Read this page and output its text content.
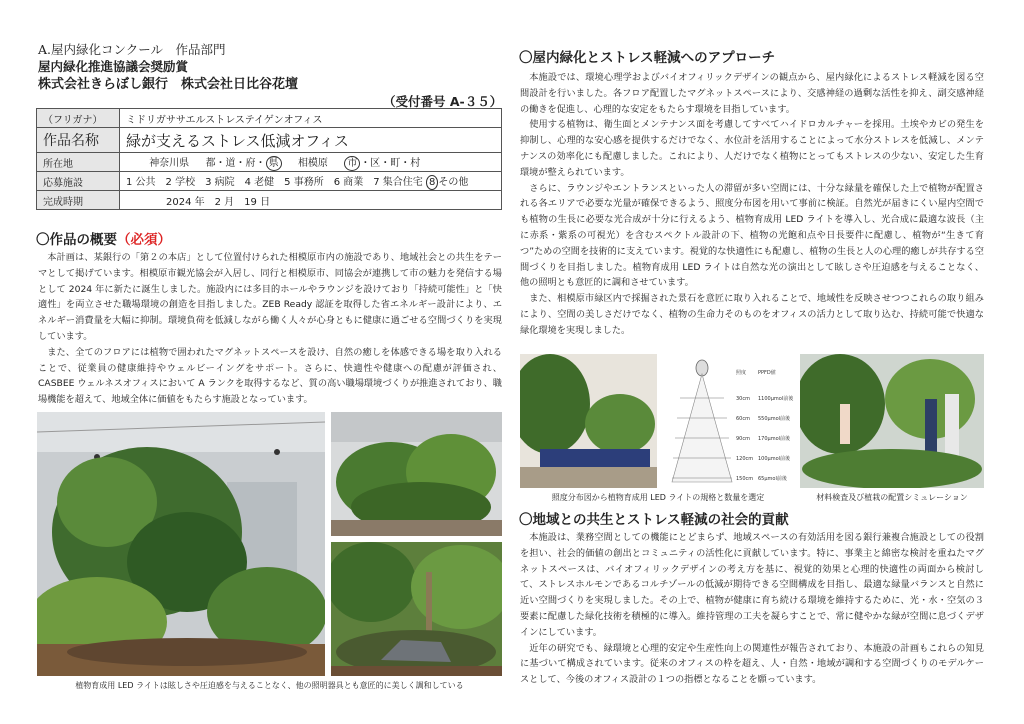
A.屋内緑化コンクール　作品部門
屋内緑化推進協議会奨励賞
株式会社きらぼし銀行　株式会社日比谷花壇
（受付番号 A-３５）
（フリガナ）	ミドリガササエルストレステイゲンオフィス
作品名称	緑が支えるストレス低減オフィス
所在地	神奈川県 都・道・府・ 県 相模原 市 ・区・町・村
応募施設	1 公共　2 学校　3 病院　4 老健　5 事務所　6 商業　7 集合住宅 8 その他
完成時期	2024 年　2 月　19 日
〇作品の概要（必須）

本計画は、某銀行の「第２の本店」として位置付けられた相模原市内の施設であり、地域社会との共生をテーマとして掲げています。相模原市観光協会が入居し、同行と相模原市、同協会が連携して市の魅力を発信する場として 2024 年に新たに誕生しました。施設内には多目的ホールやラウンジを設けており「持続可能性」と「快適性」を両立させた職場環境の創造を目指しました。ZEB Ready 認証を取得した省エネルギー設計により、エネルギー消費量を大幅に抑制。環境負荷を低減しながら働く人々が心身ともに健康に過ごせる空間づくりを実現しています。

また、全てのフロアには植物で囲われたマグネットスペースを設け、自然の癒しを体感できる場を取り入れることで、従業員の健康維持やウェルビーイングをサポート。さらに、快適性や健康への配慮が評価され、CASBEE ウェルネスオフィスにおいて A ランクを取得するなど、質の高い職場環境づくりが推進されており、職場機能を超えて、地域全体に価値をもたらす施設となっています。

植物育成用 LED ライトは眩しさや圧迫感を与えることなく、他の照明器具とも意匠的に美しく調和している
〇屋内緑化とストレス軽減へのアプローチ

本施設では、環境心理学およびバイオフィリックデザインの観点から、屋内緑化によるストレス軽減を図る空間設計を行いました。各フロア配置したマグネットスペースにより、交感神経の過剰な活性を抑え、副交感神経の働きを促進し、心理的な安定をもたらす環境を目指しています。

使用する植物は、衛生面とメンテナンス面を考慮してすべてハイドロカルチャーを採用。土埃やカビの発生を抑制し、心理的な安心感を提供するだけでなく、水位計を活用することによって水分ストレスを低減し、メンテナンスの効率化にも配慮しました。これにより、人だけでなく植物にとってもストレスの少ない、安定した生育環境が整えられています。

さらに、ラウンジやエントランスといった人の滞留が多い空間には、十分な緑量を確保した上で植物が配置される各エリアで必要な光量が確保できるよう、照度分布図を用いて事前に検証。自然光が届きにくい屋内空間でも植物の生長に必要な光合成が十分に行えるよう、植物育成用 LED ライトを導入し、光合成に最適な波長（主に赤系・紫系の可視光）を含むスペクトル設計の下、植物の光飽和点や日長要件に配慮し、植物が“生きて育つ”ための空間を技術的に支えています。視覚的な快適性にも配慮し、植物の生長と人の心理的癒しが共存する空間づくりを目指しました。植物育成用 LED ライトは自然な光の演出として眩しさや圧迫感を与えることなく、他の照明とも意匠的に調和させています。

また、相模原市緑区内で採掘された景石を意匠に取り入れることで、地域性を反映させつつこれらの取り組みにより、空間の美しさだけでなく、植物の生命力そのものをオフィスの活力として取り込む、持続可能で快適な緑化環境を実現しました。

照度 PPFD値
30cm 1100μmol前後
60cm 550μmol前後
90cm 170μmol前後
120cm 100μmol前後
150cm 65μmol前後
照度分布図から植物育成用 LED ライトの規格と数量を選定	材料検査及び植栽の配置シミュレーション
〇地域との共生とストレス軽減の社会的貢献

本施設は、業務空間としての機能にとどまらず、地域スペースの有効活用を図る銀行兼複合施設としての役割を担い、社会的価値の創出とコミュニティの活性化に貢献しています。特に、事業主と綿密な検討を重ねたマグネットスペースは、バイオフィリックデザインの考え方を基に、視覚的効果と心理的快適性の両面から検討して、ストレスホルモンであるコルチゾールの低減が期待できる空間構成を目指し、最適な緑量バランスと自然に近い空間づくりを実現しました。その上で、植物が健康に育ち続ける環境を維持するために、光・水・空気の３要素に配慮した緑化技術を積極的に導入。維持管理の工夫を凝らすことで、常に健やかな緑が空間に息づくデザインにしています。

近年の研究でも、緑環境と心理的安定や生産性向上の関連性が報告されており、本施設の計画もこれらの知見に基づいて構成されています。従来のオフィスの枠を超え、人・自然・地域が調和する空間づくりのモデルケースとして、今後のオフィス設計の１つの指標となることを願っています。
